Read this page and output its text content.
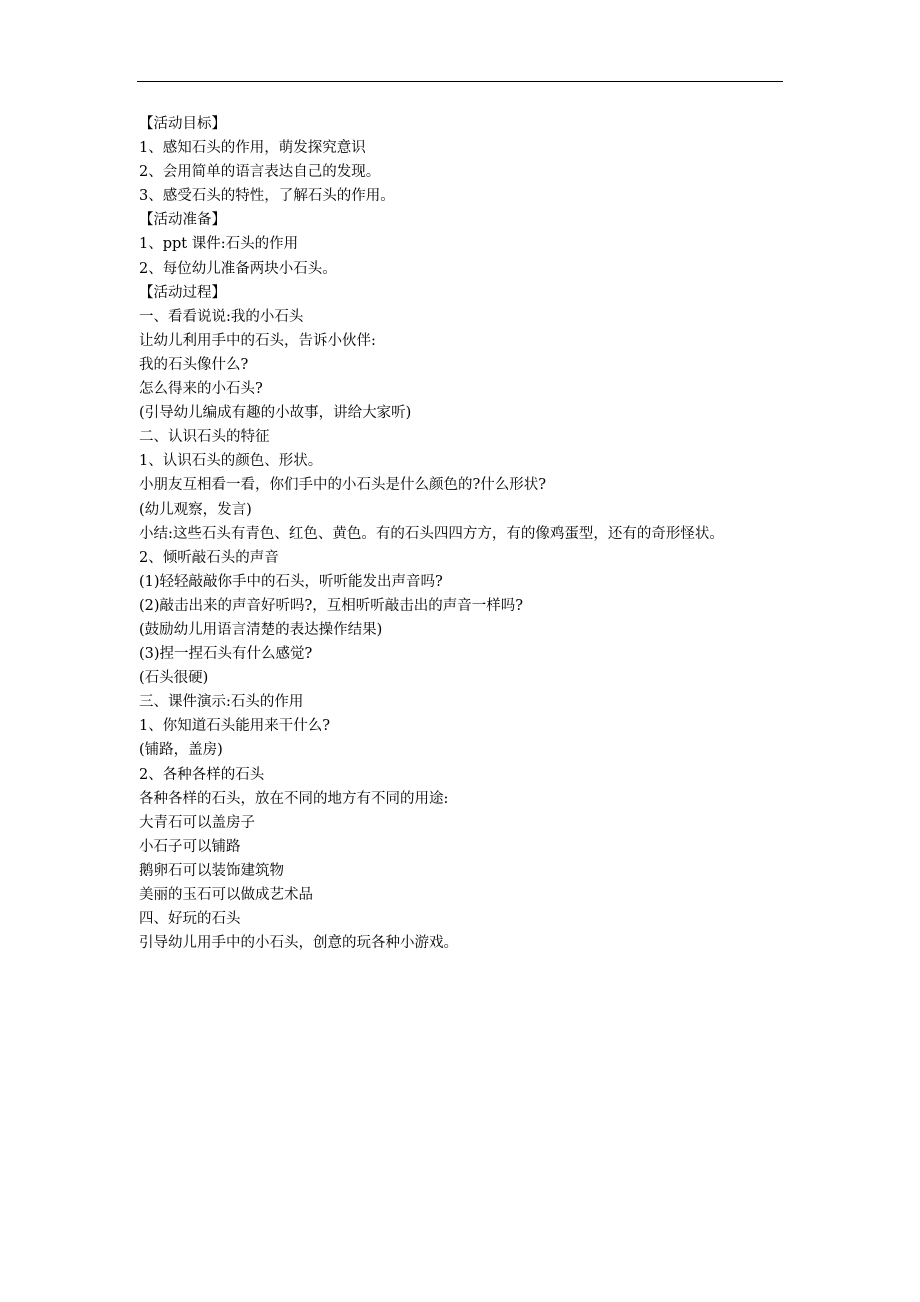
【活动目标】
1、感知石头的作用，萌发探究意识
2、会用简单的语言表达自己的发现。
3、感受石头的特性，了解石头的作用。
【活动准备】
1、ppt 课件:石头的作用
2、每位幼儿准备两块小石头。
【活动过程】
一、看看说说:我的小石头
让幼儿利用手中的石头，告诉小伙伴:
我的石头像什么?
怎么得来的小石头?
(引导幼儿编成有趣的小故事，讲给大家听)
二、认识石头的特征
1、认识石头的颜色、形状。
小朋友互相看一看，你们手中的小石头是什么颜色的?什么形状?
(幼儿观察，发言)
小结:这些石头有青色、红色、黄色。有的石头四四方方，有的像鸡蛋型，还有的奇形怪状。
2、倾听敲石头的声音
(1)轻轻敲敲你手中的石头，听听能发出声音吗?
(2)敲击出来的声音好听吗?，互相听听敲击出的声音一样吗?
(鼓励幼儿用语言清楚的表达操作结果)
(3)捏一捏石头有什么感觉?
(石头很硬)
三、课件演示:石头的作用
1、你知道石头能用来干什么?
(铺路，盖房)
2、各种各样的石头
各种各样的石头，放在不同的地方有不同的用途:
大青石可以盖房子
小石子可以铺路
鹅卵石可以装饰建筑物
美丽的玉石可以做成艺术品
四、好玩的石头
引导幼儿用手中的小石头，创意的玩各种小游戏。
